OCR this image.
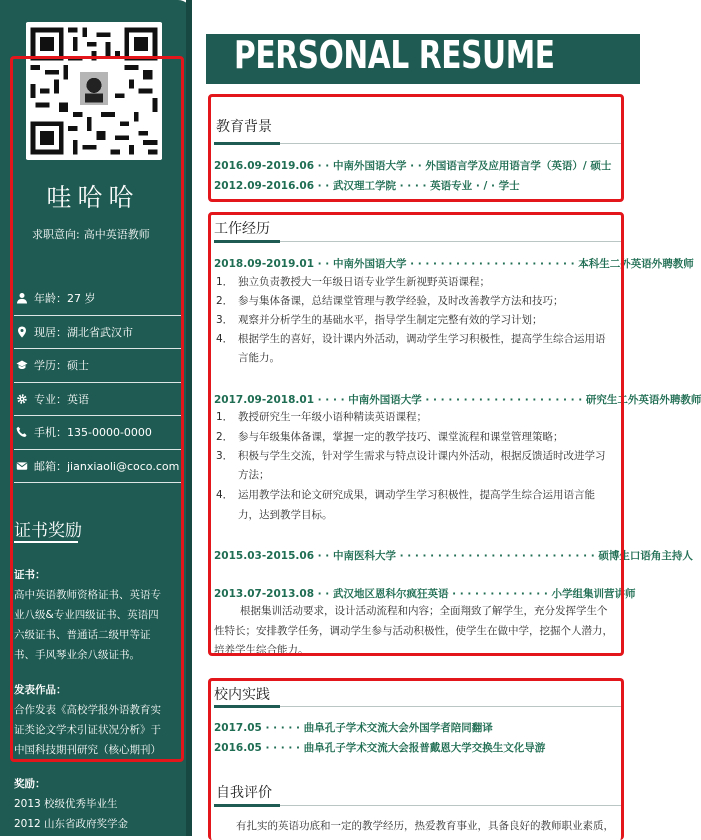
哇哈哈
求职意向: 高中英语教师
年龄：27 岁
现居：湖北省武汉市
学历：硕士
专业：英语
手机：135-0000-0000
邮箱：jianxiaoli@coco.com
证书奖励
证书：
高中英语教师资格证书、英语专
业八级&专业四级证书、英语四
六级证书、普通话二级甲等证
书、手风琴业余八级证书。
发表作品：
合作发表《高校学报外语教育实
证类论文学术引证状况分析》于
中国科技期刊研究（核心期刊）
奖励：
2013 校级优秀毕业生
2012 山东省政府奖学金
PERSONAL RESUME
教育背景
2016.09-2019.06 · · 中南外国语大学 · · 外国语言学及应用语言学（英语）/ 硕士
2012.09-2016.06 · · 武汉理工学院 · · · · 英语专业 · / · 学士
工作经历
2018.09-2019.01 · · 中南外国语大学 · · · · · · · · · · · · · · · · · · · · · · 本科生二外英语外聘教师
1． 独立负责教授大一年级日语专业学生新视野英语课程；
2． 参与集体备课，总结课堂管理与教学经验，及时改善教学方法和技巧；
3． 观察并分析学生的基础水平，指导学生制定完整有效的学习计划；
4． 根据学生的喜好，设计课内外活动，调动学生学习积极性，提高学生综合运用语
言能力。
2017.09-2018.01 · · · · 中南外国语大学 · · · · · · · · · · · · · · · · · · · · · 研究生二外英语外聘教师
1． 教授研究生一年级小语种精读英语课程；
2． 参与年级集体备课，掌握一定的教学技巧、课堂流程和课堂管理策略；
3． 积极与学生交流，针对学生需求与特点设计课内外活动，根据反馈适时改进学习
方法；
4． 运用教学法和论文研究成果，调动学生学习积极性，提高学生综合运用语言能
力，达到教学目标。
2015.03-2015.06 · · 中南医科大学 · · · · · · · · · · · · · · · · · · · · · · · · · · 硕博生口语角主持人
2013.07-2013.08 · · 武汉地区恩科尔疯狂英语 · · · · · · · · · · · · · 小学组集训营讲师
根据集训活动要求，设计活动流程和内容；全面翔致了解学生，充分发挥学生个性特长；安排教学任务，调动学生参与活动积极性，使学生在做中学，挖掘个人潜力，培养学生综合能力。
校内实践
2017.05 · · · · · 曲阜孔子学术交流大会外国学者陪同翻译
2016.05 · · · · · 曲阜孔子学术交流大会报普戴恩大学交换生文化导游
自我评价
有扎实的英语功底和一定的教学经历，热爱教育事业，具备良好的教师职业素质，
